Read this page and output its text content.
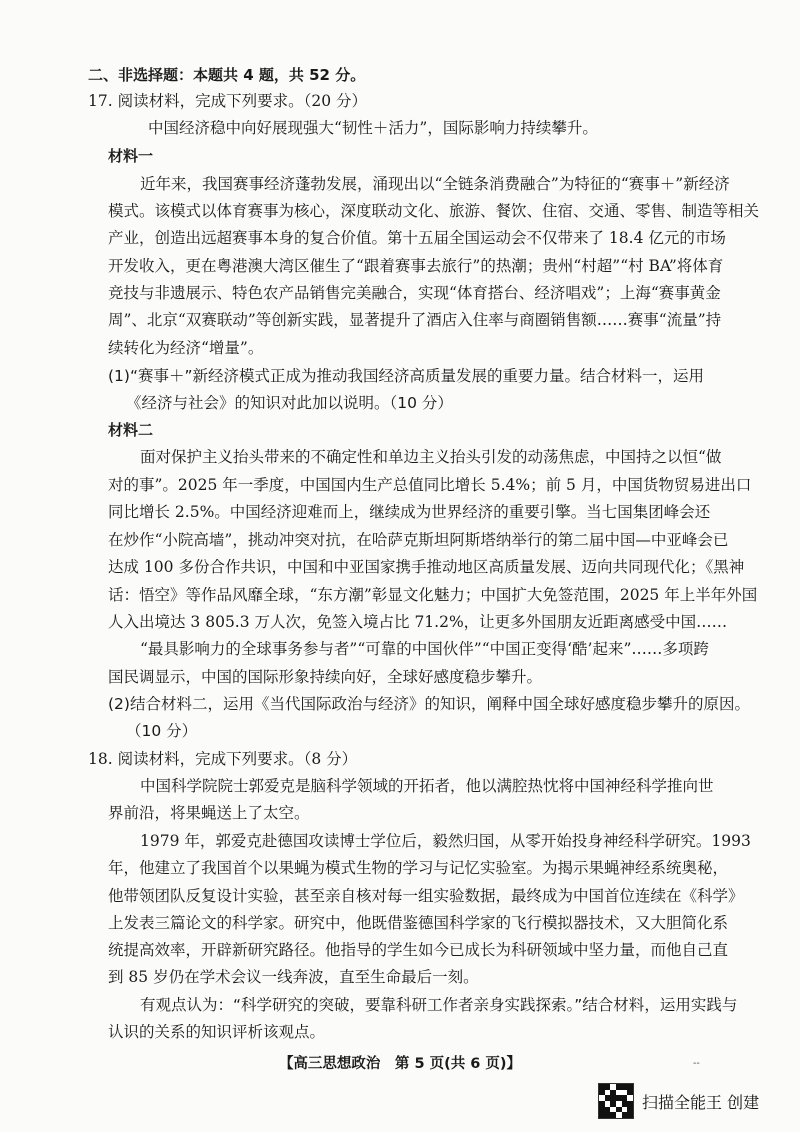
二、非选择题：本题共 4 题，共 52 分。
17. 阅读材料，完成下列要求。（20 分）
中国经济稳中向好展现强大“韧性＋活力”，国际影响力持续攀升。
材料一
近年来，我国赛事经济蓬勃发展，涌现出以“全链条消费融合”为特征的“赛事＋”新经济
模式。该模式以体育赛事为核心，深度联动文化、旅游、餐饮、住宿、交通、零售、制造等相关
产业，创造出远超赛事本身的复合价值。第十五届全国运动会不仅带来了 18.4 亿元的市场
开发收入，更在粤港澳大湾区催生了“跟着赛事去旅行”的热潮；贵州“村超”“村 BA”将体育
竞技与非遗展示、特色农产品销售完美融合，实现“体育搭台、经济唱戏”；上海“赛事黄金
周”、北京“双赛联动”等创新实践，显著提升了酒店入住率与商圈销售额……赛事“流量”持
续转化为经济“增量”。
(1)“赛事＋”新经济模式正成为推动我国经济高质量发展的重要力量。结合材料一，运用
《经济与社会》的知识对此加以说明。（10 分）
材料二
面对保护主义抬头带来的不确定性和单边主义抬头引发的动荡焦虑，中国持之以恒“做
对的事”。2025 年一季度，中国国内生产总值同比增长 5.4%；前 5 月，中国货物贸易进出口
同比增长 2.5%。中国经济迎难而上，继续成为世界经济的重要引擎。当七国集团峰会还
在炒作“小院高墙”，挑动冲突对抗，在哈萨克斯坦阿斯塔纳举行的第二届中国—中亚峰会已
达成 100 多份合作共识，中国和中亚国家携手推动地区高质量发展、迈向共同现代化；《黑神
话：悟空》等作品风靡全球，“东方潮”彰显文化魅力；中国扩大免签范围，2025 年上半年外国
人入出境达 3 805.3 万人次，免签入境占比 71.2%，让更多外国朋友近距离感受中国……
“最具影响力的全球事务参与者”“可靠的中国伙伴”“中国正变得‘酷’起来”……多项跨
国民调显示，中国的国际形象持续向好，全球好感度稳步攀升。
(2)结合材料二，运用《当代国际政治与经济》的知识，阐释中国全球好感度稳步攀升的原因。
（10 分）
18. 阅读材料，完成下列要求。（8 分）
中国科学院院士郭爱克是脑科学领域的开拓者，他以满腔热忱将中国神经科学推向世
界前沿，将果蝇送上了太空。
1979 年，郭爱克赴德国攻读博士学位后，毅然归国，从零开始投身神经科学研究。1993
年，他建立了我国首个以果蝇为模式生物的学习与记忆实验室。为揭示果蝇神经系统奥秘，
他带领团队反复设计实验，甚至亲自核对每一组实验数据，最终成为中国首位连续在《科学》
上发表三篇论文的科学家。研究中，他既借鉴德国科学家的飞行模拟器技术，又大胆简化系
统提高效率，开辟新研究路径。他指导的学生如今已成长为科研领域中坚力量，而他自己直
到 85 岁仍在学术会议一线奔波，直至生命最后一刻。
有观点认为：“科学研究的突破，要靠科研工作者亲身实践探索。”结合材料，运用实践与
认识的关系的知识评析该观点。
【高三思想政治　第 5 页(共 6 页)】	--
扫描全能王 创建
